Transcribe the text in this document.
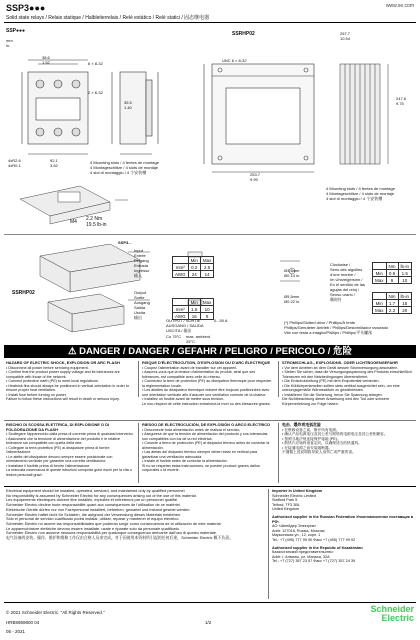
SSP3●●●
Solid state relays / Relais statique / Halbleiterrelais / Relé estático / Relé statici / 固态继电器
www.se.com
SSP●●●
mm
in.
38.6
1.52	6 × 8-32
2 × 6-32
4xR2.6
4xR0.1
92.1
3.62
35.5
1.40
4 Mounting slots / 4 fentes de montage
4 Montageschlitze / 4 slots de montaje
4 slot di montaggio / 4 个安装槽
SSRHP02	267.7
10.54
UNC 6 × 8-32
253.7
9.99
247.6
9.75
4 Mounting slots / 4 fentes de montage
4 Montageschlitze / 4 slots de montaje
4 slot di montaggio / 4 个安装槽
M4 2.2 Nm
19.5 lb-in
SSP3...
Input
Entrée
Eingang
Entrada
Ingresso
输入
Output
Sortie
Ausgang
Salida
Uscita
输出
SSRHP02
	Min	Max
mm²	0.2	2.5
AWG	24	14
	Min	Max
mm²	1.5	10
AWG	16	8
OUTPUT / SORTIE
AUSGANG / SALIDA
USCITA / 输出
0...50 A
Cu 75°C max. ambient
25°C
Ø3,5mm
Ø0.14 in.
Ø5,5mm
Ø0.22 in.
Clockwise /
Sens des aiguilles
d'une montre /
Im Uhrzeigersinn /
En el sentido de las
agujas del reloj /
Senso orario /
顺时针
	Nm	lb-in
Min	0.9	1.5
Max	6	10
	Nm	lb-in
Min	1.7	15
Max	2.3	20
(*) Phillips/Slotted drive / Phillips/À fente
Phillips/Genuteter Antrieb / Phillips/Destornillador ranurado
Vite con testa a intaglio/Phillips / Phillips/平头螺丝
⚠ DANGER / DANGER / GEFAHR / PELIGRO / PERICOLO / 危险
HAZARD OF ELECTRIC SHOCK, EXPLOSION OR ARC FLASH
• Disconnect all power before servicing equipment.
• Confirm that the product power supply voltage and its tolerances are compatible with those of the network.
• Connect protective earth (PE) to meet local regulations.
• Heatsink fins should always be positioned in vertical orientation in order to ensure proper heat ventilation.
• Install fuse before turning on power.
Failure to follow these instructions will result in death or serious injury.
RISQUE D'ÉLECTROCUTION, D'EXPLOSION OU D'ARC ÉLECTRIQUE
• Coupez l'alimentation avant de travailler sur cet appareil.
• Assurez-vous que la tension d'alimentation du produit, ainsi que ses tolérances, est compatible avec celle du réseau.
• Connectez la terre de protection (PE) au dissipateur thermique pour respecter la réglementation locale.
• Les ailettes du dissipateur thermique doivent être toujours positionnées avec une orientation verticale afin d'assurer une ventilation correcte de la chaleur.
• Installez un fusible avant de mettre sous tension.
Le non-respect de cette instruction entraînera la mort ou des blessures graves.
STROMSCHLAG-, EXPLOSIONS- ODER LICHTBOGENGEFAHR
• Vor dem Arbeiten an dem Gerät dessen Stromversorgung abschalten.
• Stellen Sie sicher, dass die Versorgungsspannung des Produkts einschließlich Toleranzen mit den Netzbedingungen übereinstimmt.
• Die Erdschutzleitung (PE) mit dem Erdpotential verbinden.
• Die Kühlkörperlamellen sollten stets vertikal ausgerichtet sein, um eine ordnungsgemäße Wärmeabfuhr zu gewährleisten.
• Installieren Sie die Sicherung, bevor Sie Spannung anlegen.
Die Nichtbeachtung dieser Anweisung wird den Tod oder schwere Körperverletzung zur Folge haben.
RISCHIO DI SCOSSA ELETTRICA, DI ESPLOSIONE O DI FOLGORAZIONE DA FLASH
• Scollegare l'apparecchio dalla presa di corrente prima di qualsiasi intervento.
• Assicurarsi che la tensione di alimentazione del prodotto e le relative tolleranze sia compatibile con quella della rete.
• Collegare la terra protettiva (PE) al dissipatore prima di fornire l'alimentazione.
• Le alette del dissipatore devono sempre essere posizionate con orientamento verticale per garantire una corretta ventilazione.
• Installare il fusibile prima di fornire l'alimentazione.
La mancata osservanza di queste istruzioni comporta gravi rischi per la vita o lesioni personali gravi.
RIESGO DE ELECTROCUCIÓN, DE EXPLOSIÓN O ARCO ELÉCTRICO
• Desconecte toda alimentación antes de realizar el servicio.
• Asegúrese de que la tensión de alimentación del producto y sus tolerancias son compatibles con los de la red eléctrica.
• Conecte a tierra de protección (PE) al disipador térmico antes de conectar la alimentación.
• Las aletas del disipador térmico siempre deben estar en vertical para garantizar una ventilación adecuada.
• Instale el fusible antes de conectar la alimentación.
Si no se respetan estas instrucciones, se pueden producir graves daños corporales o la muerte.
电击、爆炸或电弧危险
• 在维修设备之前，断开所有电源。
• 确认产品电源电压及其公差与网络的电源电压及其公差相兼容。
• 按照当地法规连接保护接地 (PE)。
• 散热片应始终垂直定向，以确保适当的热通风。
• 在接通电源之前安装熔断器。
不遵循上述说明将导致人身伤亡或严重伤害。
Electrical equipment should be installed, operated, serviced, and maintained only by qualified personnel.
No responsibility is assumed by Schneider Electric for any consequences arising out of the use of this material.
Les équipements électriques doivent être installés, exploités et entretenus par un personnel qualifié.
Schneider Electric décline toute responsabilité quant aux conséquences de l'utilisation de ce matériel.
Elektrische Geräte dürfen nur von Fachpersonal installiert, betrieben, gewartet und instand gesetzt werden.
Schneider Electric haftet nicht für Schäden, die aufgrund der Verwendung dieses Materials entstehen.
Sólo el personal de servicio cualificado podrá instalar, utilizar, reparar y mantener el equipo eléctrico.
Schneider Electric no asume las responsabilidades que pudieran surgir como consecuencia de la utilización de este material.
Le apparecchiature elettriche devono essere installate, usate e riparate solo da personale qualificato.
Schneider Electric non assume nessuna responsabilità per qualunque conseguenza derivante dall'uso di questo materiale.
电气设备的安装、操作、维护和维修工作仅由合格人员来完成。对于因使用本资料所引起的任何后果，Schneider Electric 概不负责。
Importer in United Kingdom
Schneider Electric Limited
Stafford Park 5
Telford, TF3 3BL
United Kingdom
Authorized supplier in the Russian Federation Уполномоченное поставщик в РФ:
АО «Шнейдер Электрик»
Addr: 127018, Russia, Moscow,
Марьинская ул., 12, корп. 1
Tel.: +7 (495) 777 99 90 Факс +7 (495) 777 99 92
Authorized supplier in the Republic of Kazakhstan
Казахстанский представительство:
Addr: г. Алматы, ул. Манаса, 32А
Tel.: +7 (727) 357 23 57 Факс +7 (727) 357 24 39
© 2021 Schneider Electric. "All Rights Reserved."
HRB6969800 04
05 - 2021
1/2
Schneider
Electric
